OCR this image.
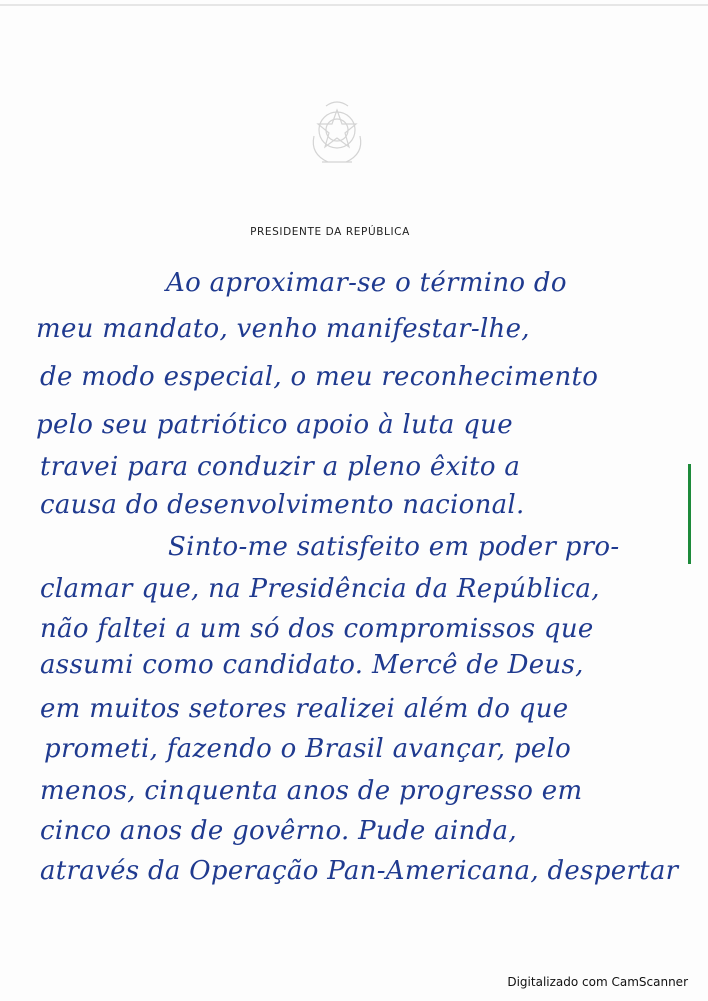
PRESIDENTE DA REPÚBLICA
Ao aproximar-se o término do
meu mandato, venho manifestar-lhe,
de modo especial, o meu reconhecimento
pelo seu patriótico apoio à luta que
travei para conduzir a pleno êxito a
causa do desenvolvimento nacional.
Sinto-me satisfeito em poder pro-
clamar que, na Presidência da República,
não faltei a um só dos compromissos que
assumi como candidato. Mercê de Deus,
em muitos setores realizei além do que
prometi, fazendo o Brasil avançar, pelo
menos, cinquenta anos de progresso em
cinco anos de govêrno. Pude ainda,
através da Operação Pan-Americana, despertar
Digitalizado com CamScanner
